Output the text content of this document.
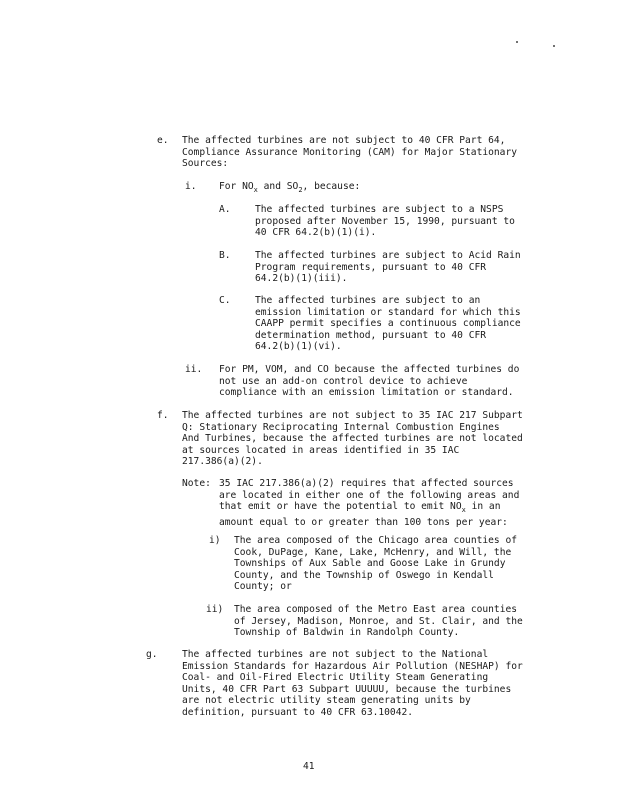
e. The affected turbines are not subject to 40 CFR Part 64,
Compliance Assurance Monitoring (CAM) for Major Stationary
Sources:
i. For $NO_x$ and $SO_2$, because:
A.	The affected turbines are subject to a NSPS
proposed after November 15, 1990, pursuant to
40 CFR 64.2(b)(1)(i).
B.	The affected turbines are subject to Acid Rain
Program requirements, pursuant to 40 CFR
64.2(b)(1)(iii).
C.	The affected turbines are subject to an
emission limitation or standard for which this
CAAPP permit specifies a continuous compliance
determination method, pursuant to 40 CFR
64.2(b)(1)(vi).
ii. For PM, VOM, and CO because the affected turbines do
not use an add-on control device to achieve
compliance with an emission limitation or standard.
f. The affected turbines are not subject to 35 IAC 217 Subpart
Q: Stationary Reciprocating Internal Combustion Engines
And Turbines, because the affected turbines are not located
at sources located in areas identified in 35 IAC
217.386(a)(2).
Note: 35 IAC 217.386(a)(2) requires that affected sources
are located in either one of the following areas and
that emit or have the potential to emit $NO_x$ in an
amount equal to or greater than 100 tons per year:
i) The area composed of the Chicago area counties of
Cook, DuPage, Kane, Lake, McHenry, and Will, the
Townships of Aux Sable and Goose Lake in Grundy
County, and the Township of Oswego in Kendall
County; or
ii) The area composed of the Metro East area counties
of Jersey, Madison, Monroe, and St. Clair, and the
Township of Baldwin in Randolph County.
g.	The affected turbines are not subject to the National
Emission Standards for Hazardous Air Pollution (NESHAP) for
Coal- and Oil-Fired Electric Utility Steam Generating
Units, 40 CFR Part 63 Subpart UUUUU, because the turbines
are not electric utility steam generating units by
definition, pursuant to 40 CFR 63.10042.
41
